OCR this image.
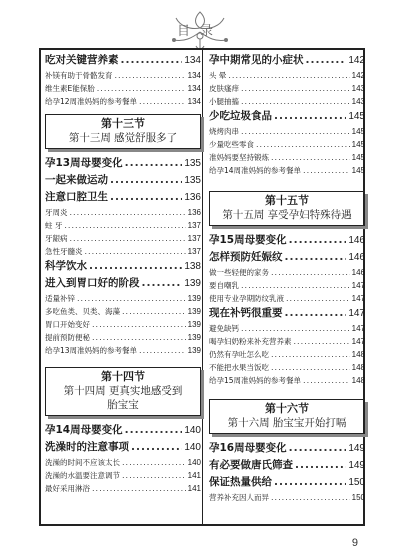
目录
吃对关键营养素 .....	134
补镁有助于骨骼发育 .....	134
维生素E能保胎 .....	134
给孕12周准妈妈的参考餐单 .....	134
第十三节
第十三周 感觉舒服多了
孕13周母婴变化 .....	135
一起来做运动 .....	135
注意口腔卫生 .....	136
牙周炎 .....	136
蛀 牙 .....	137
牙龈病 .....	137
急性牙髓炎 .....	137
科学饮水 .....	138
进入到胃口好的阶段 .....	139
适量补锌 .....	139
多吃鱼类、贝类、海藻 .....	139
胃口开始变好 .....	139
提前预防便秘 .....	139
给孕13周准妈妈的参考餐单 .....	139
第十四节
第十四周 更真实地感受到胎宝宝
孕14周母婴变化 .....	140
洗澡时的注意事项 .....	140
洗澡的时间不应该太长 .....	140
洗澡的水温要注意调节 .....	141
最好采用淋浴 .....	141
孕中期常见的小症状 .....	142
头 晕 .....	142
皮肤瘙痒 .....	143
小腿抽搐 .....	143
少吃垃圾食品 .....	145
烧烤肉串 .....	145
少量吃些零食 .....	145
准妈妈要坚持锻炼 .....	145
给孕14周准妈妈的参考餐单 .....	145
第十五节
第十五周 享受孕妇特殊待遇
孕15周母婴变化 .....	146
怎样预防妊娠纹 .....	146
做一些轻便的家务 .....	146
要自嘲乳 .....	147
使用专业孕期防纹乳液 .....	147
现在补钙很重要 .....	147
避免缺钙 .....	147
喝孕妇奶粉来补充营养素 .....	147
仍然有孕吐怎么吃 .....	148
不能把水果当饭吃 .....	148
给孕15周准妈妈的参考餐单 .....	148
第十六节
第十六周 胎宝宝开始打嗝
孕16周母婴变化 .....	149
有必要做唐氏筛查 .....	149
保证热量供给 .....	150
营养补充因人而异 .....	150
9
